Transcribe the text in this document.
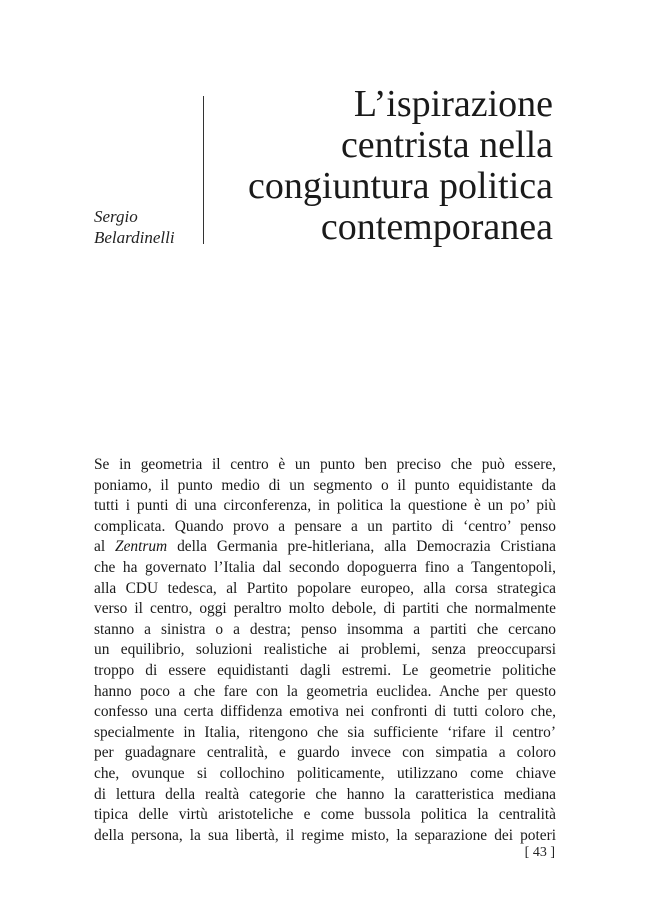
Sergio
Belardinelli
L’ispirazione
centrista nella
congiuntura politica
contemporanea
Se in geometria il centro è un punto ben preciso che può essere,
poniamo, il punto medio di un segmento o il punto equidistante da
tutti i punti di una circonferenza, in politica la questione è un po’ più
complicata. Quando provo a pensare a un partito di ‘centro’ penso
al Zentrum della Germania pre-hitleriana, alla Democrazia Cristiana
che ha governato l’Italia dal secondo dopoguerra fino a Tangentopoli,
alla CDU tedesca, al Partito popolare europeo, alla corsa strategica
verso il centro, oggi peraltro molto debole, di partiti che normalmente
stanno a sinistra o a destra; penso insomma a partiti che cercano
un equilibrio, soluzioni realistiche ai problemi, senza preoccuparsi
troppo di essere equidistanti dagli estremi. Le geometrie politiche
hanno poco a che fare con la geometria euclidea. Anche per questo
confesso una certa diffidenza emotiva nei confronti di tutti coloro che,
specialmente in Italia, ritengono che sia sufficiente ‘rifare il centro’
per guadagnare centralità, e guardo invece con simpatia a coloro
che, ovunque si collochino politicamente, utilizzano come chiave
di lettura della realtà categorie che hanno la caratteristica mediana
tipica delle virtù aristoteliche e come bussola politica la centralità
della persona, la sua libertà, il regime misto, la separazione dei poteri
[ 43 ]
